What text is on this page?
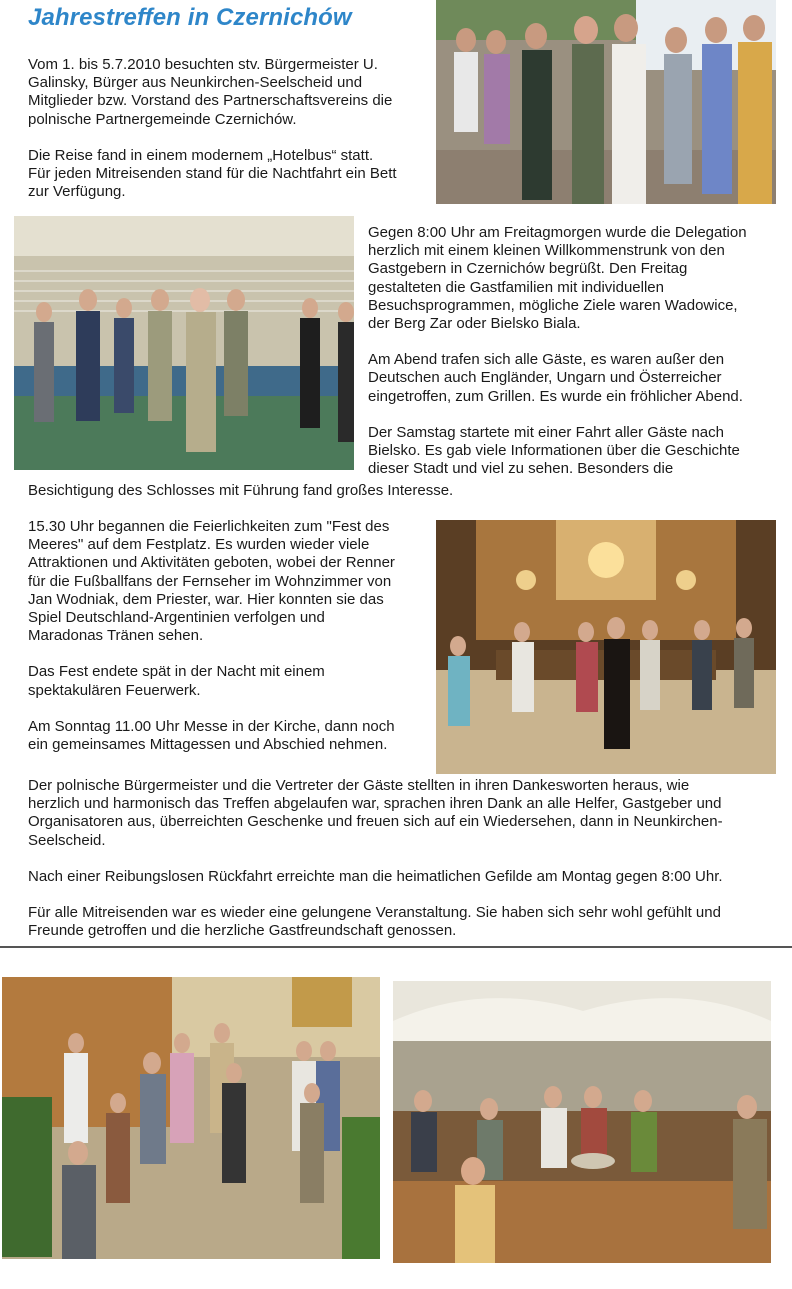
Jahrestreffen in Czernichów

Vom 1. bis 5.7.2010 besuchten stv. Bürgermeister U.
Galinsky, Bürger aus Neunkirchen-Seelscheid und
Mitglieder bzw. Vorstand des Partnerschaftsvereins die
polnische Partnergemeinde Czernichów.

Die Reise fand in einem modernem „Hotelbus“ statt.
Für jeden Mitreisenden stand für die Nachtfahrt ein Bett
zur Verfügung.

Gegen 8:00 Uhr am Freitagmorgen wurde die Delegation
herzlich mit einem kleinen Willkommenstrunk von den
Gastgebern in Czernichów begrüßt. Den Freitag
gestalteten die Gastfamilien mit individuellen
Besuchsprogrammen, mögliche Ziele waren Wadowice,
der Berg Zar oder Bielsko Biala.

Am Abend trafen sich alle Gäste, es waren außer den
Deutschen auch Engländer, Ungarn und Österreicher
eingetroffen, zum Grillen. Es wurde ein fröhlicher Abend.

Der Samstag startete mit einer Fahrt aller Gäste nach
Bielsko. Es gab viele Informationen über die Geschichte
dieser Stadt und viel zu sehen. Besonders die

Besichtigung des Schlosses mit Führung fand großes Interesse.

15.30 Uhr begannen die Feierlichkeiten zum "Fest des
Meeres" auf dem Festplatz. Es wurden wieder viele
Attraktionen und Aktivitäten geboten, wobei der Renner
für die Fußballfans der Fernseher im Wohnzimmer von
Jan Wodniak, dem Priester, war. Hier konnten sie das
Spiel Deutschland-Argentinien verfolgen und
Maradonas Tränen sehen.

Das Fest endete spät in der Nacht mit einem
spektakulären Feuerwerk.

Am Sonntag 11.00 Uhr Messe in der Kirche, dann noch
ein gemeinsames Mittagessen und Abschied nehmen.

Der polnische Bürgermeister und die Vertreter der Gäste stellten in ihren Dankesworten heraus, wie
herzlich und harmonisch das Treffen abgelaufen war, sprachen ihren Dank an alle Helfer, Gastgeber und
Organisatoren aus, überreichten Geschenke und freuen sich auf ein Wiedersehen, dann in Neunkirchen-
Seelscheid.

Nach einer Reibungslosen Rückfahrt erreichte man die heimatlichen Gefilde am Montag gegen 8:00 Uhr.

Für alle Mitreisenden war es wieder eine gelungene Veranstaltung. Sie haben sich sehr wohl gefühlt und
Freunde getroffen und die herzliche Gastfreundschaft genossen.
